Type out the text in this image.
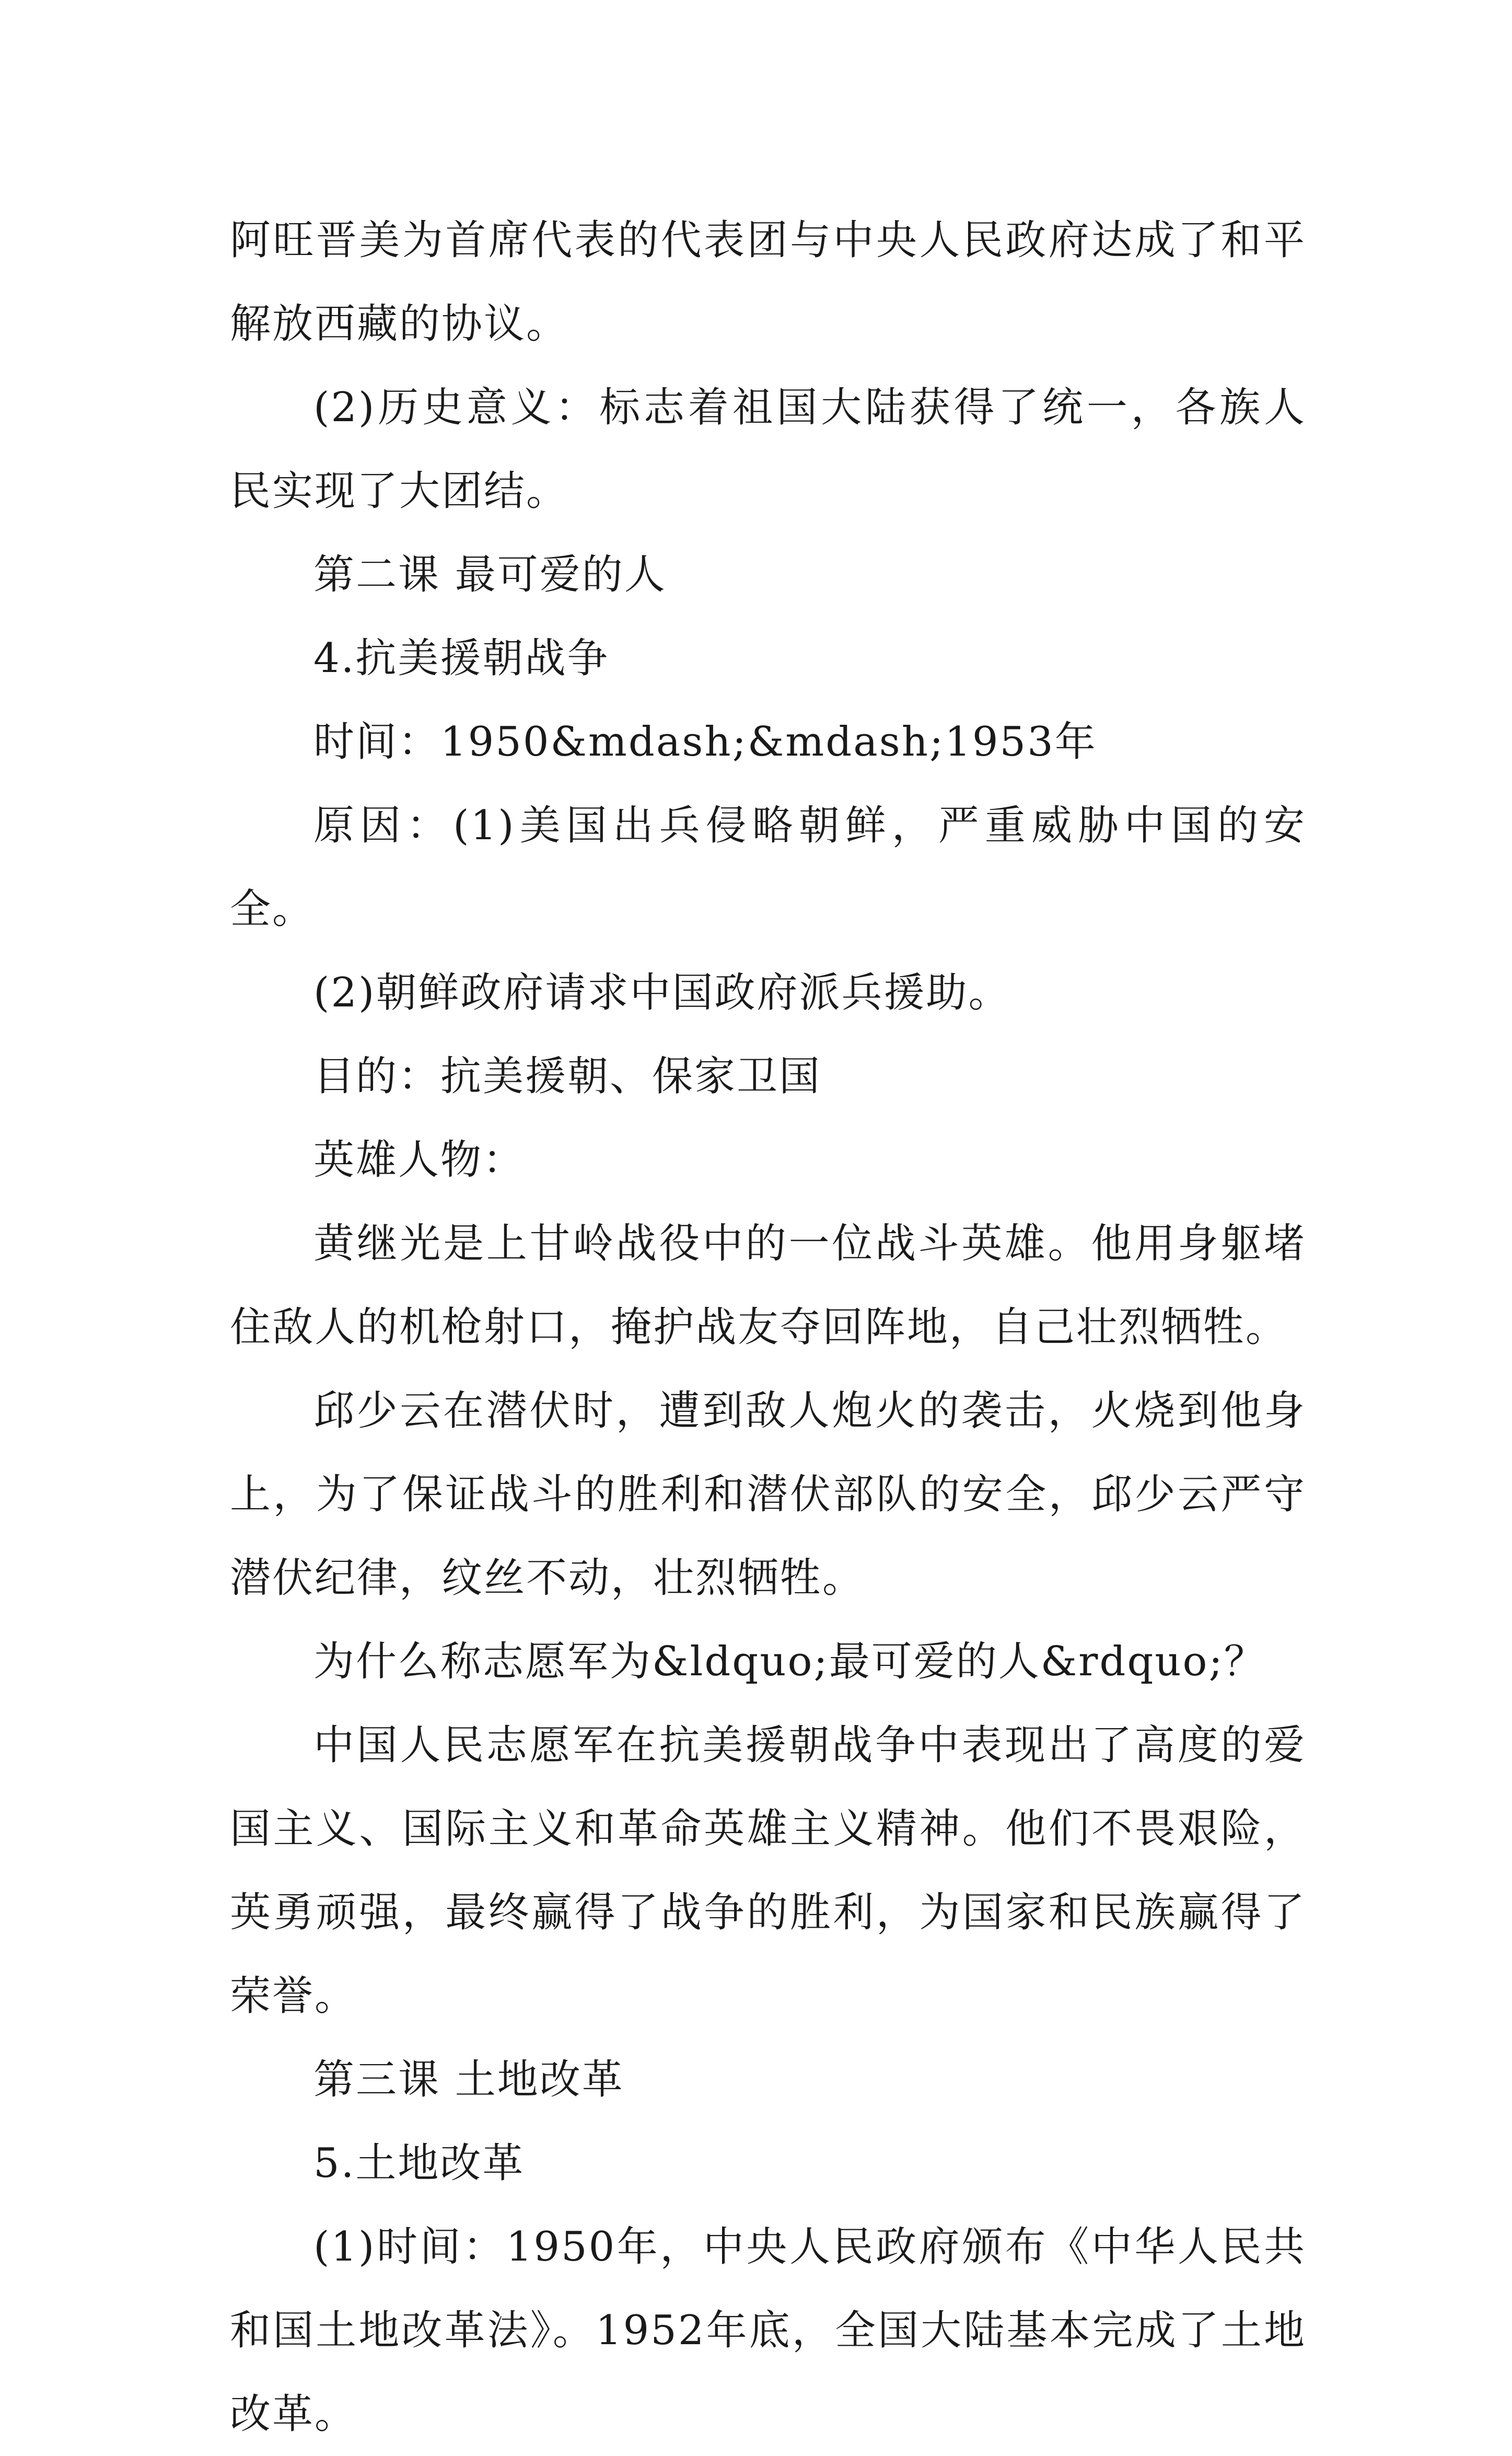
阿旺晋美为首席代表的代表团与中央人民政府达成了和平解放西藏的协议。

(2)历史意义：标志着祖国大陆获得了统一，各族人民实现了大团结。

第二课 最可爱的人

4.抗美援朝战争

时间：1950&mdash;&mdash;1953年

原因：(1)美国出兵侵略朝鲜，严重威胁中国的安全。

(2)朝鲜政府请求中国政府派兵援助。

目的：抗美援朝、保家卫国

英雄人物：

黄继光是上甘岭战役中的一位战斗英雄。他用身躯堵住敌人的机枪射口，掩护战友夺回阵地，自己壮烈牺牲。

邱少云在潜伏时，遭到敌人炮火的袭击，火烧到他身上，为了保证战斗的胜利和潜伏部队的安全，邱少云严守潜伏纪律，纹丝不动，壮烈牺牲。

为什么称志愿军为&ldquo;最可爱的人&rdquo;？

中国人民志愿军在抗美援朝战争中表现出了高度的爱国主义、国际主义和革命英雄主义精神。他们不畏艰险，英勇顽强，最终赢得了战争的胜利，为国家和民族赢得了荣誉。

第三课 土地改革

5.土地改革

(1)时间：1950年，中央人民政府颁布《中华人民共和国土地改革法》。1952年底，全国大陆基本完成了土地改革。
